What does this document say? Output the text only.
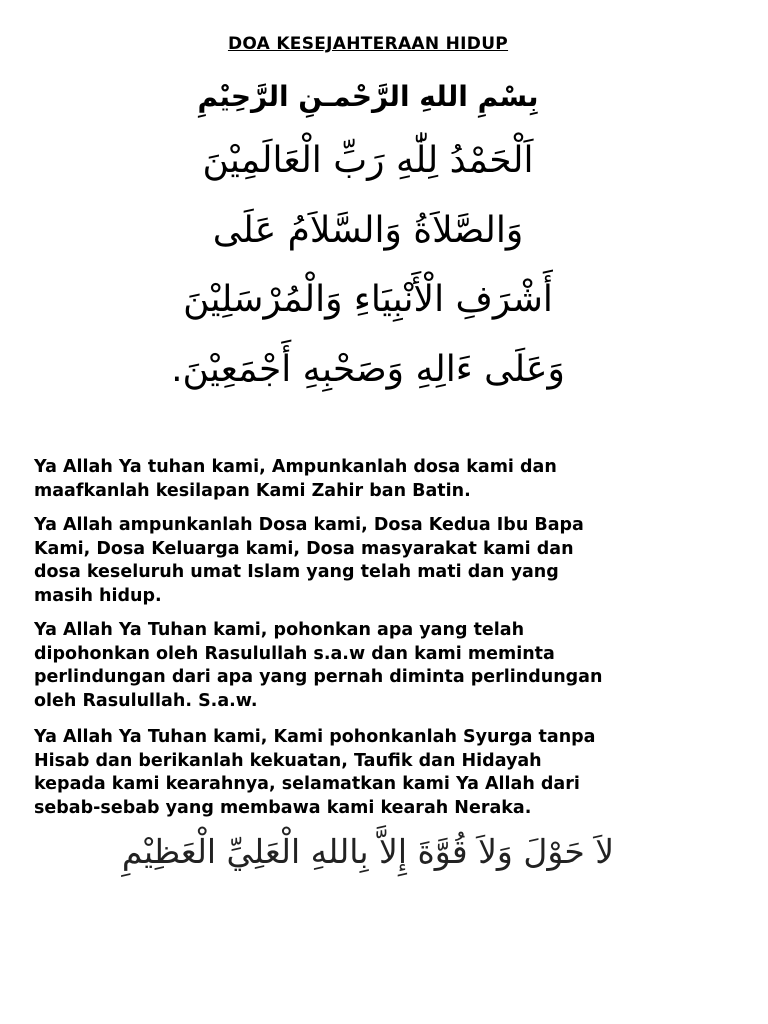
DOA KESEJAHTERAAN HIDUP
بِسْمِ اللهِ الرَّحْمـنِ الرَّحِيْمِ
اَلْحَمْدُ لِلّٰهِ رَبِّ الْعَالَمِيْنَ
وَالصَّلاَةُ وَالسَّلاَمُ عَلَى
أَشْرَفِ الْأَنْبِيَاءِ وَالْمُرْسَلِيْنَ
وَعَلَى ءَالِهِ وَصَحْبِهِ أَجْمَعِيْنَ.

Ya Allah Ya tuhan kami, Ampunkanlah dosa kami dan
maafkanlah kesilapan Kami Zahir ban Batin.

Ya Allah ampunkanlah Dosa kami, Dosa Kedua Ibu Bapa
Kami, Dosa Keluarga kami, Dosa masyarakat kami dan
dosa keseluruh umat Islam yang telah mati dan yang
masih hidup.

Ya Allah Ya Tuhan kami, pohonkan apa yang telah
dipohonkan oleh Rasulullah s.a.w dan kami meminta
perlindungan dari apa yang pernah diminta perlindungan
oleh Rasulullah. S.a.w.

Ya Allah Ya Tuhan kami, Kami pohonkanlah Syurga tanpa
Hisab dan berikanlah kekuatan, Taufik dan Hidayah
kepada kami kearahnya, selamatkan kami Ya Allah dari
sebab-sebab yang membawa kami kearah Neraka.

لاَ حَوْلَ وَلاَ قُوَّةَ إِلاَّ بِاللهِ الْعَلِيِّ الْعَظِيْمِ
